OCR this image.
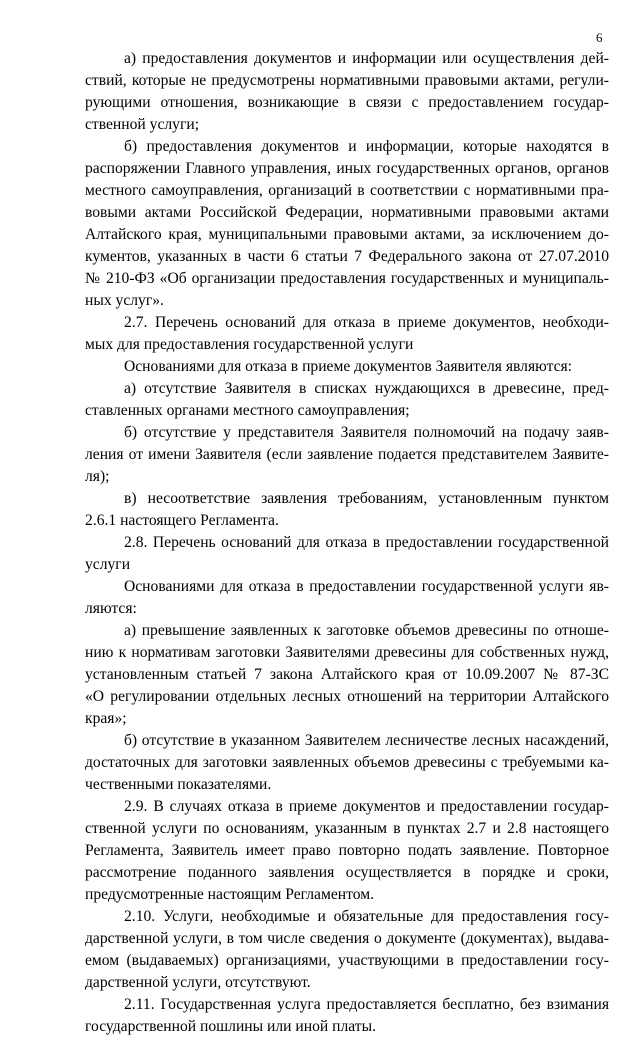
6
а) предоставления документов и информации или осуществления дей-
ствий, которые не предусмотрены нормативными правовыми актами, регули-
рующими отношения, возникающие в связи с предоставлением государ-
ственной услуги;
б) предоставления документов и информации, которые находятся в
распоряжении Главного управления, иных государственных органов, органов
местного самоуправления, организаций в соответствии с нормативными пра-
вовыми актами Российской Федерации, нормативными правовыми актами
Алтайского края, муниципальными правовыми актами, за исключением до-
кументов, указанных в части 6 статьи 7 Федерального закона от 27.07.2010
№ 210-ФЗ «Об организации предоставления государственных и муниципаль-
ных услуг».
2.7. Перечень оснований для отказа в приеме документов, необходи-
мых для предоставления государственной услуги
Основаниями для отказа в приеме документов Заявителя являются:
а) отсутствие Заявителя в списках нуждающихся в древесине, пред-
ставленных органами местного самоуправления;
б) отсутствие у представителя Заявителя полномочий на подачу заяв-
ления от имени Заявителя (если заявление подается представителем Заявите-
ля);
в) несоответствие заявления требованиям, установленным пунктом
2.6.1 настоящего Регламента.
2.8. Перечень оснований для отказа в предоставлении государственной
услуги
Основаниями для отказа в предоставлении государственной услуги яв-
ляются:
а) превышение заявленных к заготовке объемов древесины по отноше-
нию к нормативам заготовки Заявителями древесины для собственных нужд,
установленным статьей 7 закона Алтайского края от 10.09.2007 № 87-ЗС
«О регулировании отдельных лесных отношений на территории Алтайского
края»;
б) отсутствие в указанном Заявителем лесничестве лесных насаждений,
достаточных для заготовки заявленных объемов древесины с требуемыми ка-
чественными показателями.
2.9. В случаях отказа в приеме документов и предоставлении государ-
ственной услуги по основаниям, указанным в пунктах 2.7 и 2.8 настоящего
Регламента, Заявитель имеет право повторно подать заявление. Повторное
рассмотрение поданного заявления осуществляется в порядке и сроки,
предусмотренные настоящим Регламентом.
2.10. Услуги, необходимые и обязательные для предоставления госу-
дарственной услуги, в том числе сведения о документе (документах), выдава-
емом (выдаваемых) организациями, участвующими в предоставлении госу-
дарственной услуги, отсутствуют.
2.11. Государственная услуга предоставляется бесплатно, без взимания
государственной пошлины или иной платы.
